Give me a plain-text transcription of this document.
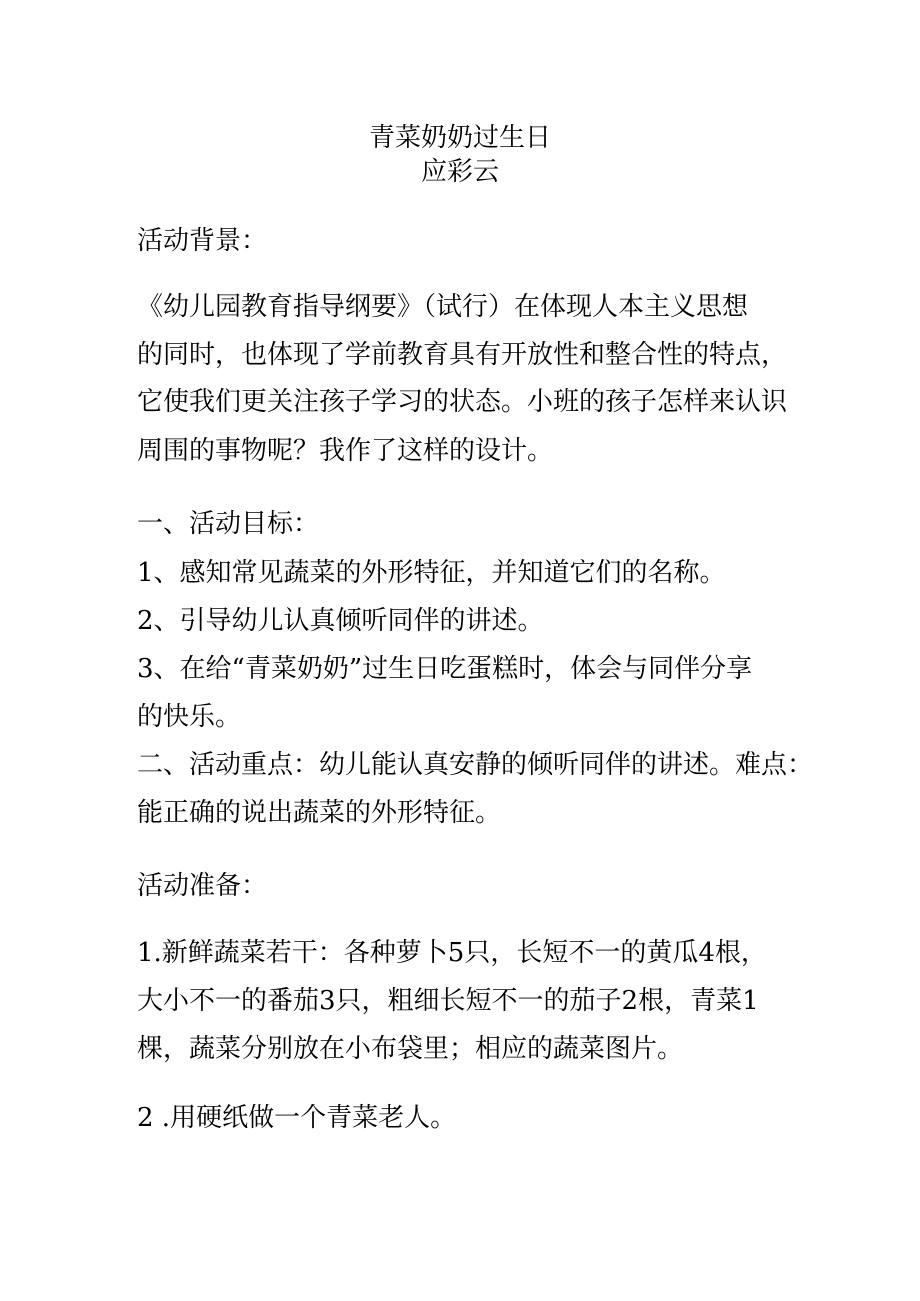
青菜奶奶过生日

应彩云

活动背景：

《幼儿园教育指导纲要》（试行）在体现人本主义思想

的同时，也体现了学前教育具有开放性和整合性的特点，

它使我们更关注孩子学习的状态。小班的孩子怎样来认识

周围的事物呢？我作了这样的设计。

一、活动目标：

1、感知常见蔬菜的外形特征，并知道它们的名称。

2、引导幼儿认真倾听同伴的讲述。

3、在给“青菜奶奶”过生日吃蛋糕时，体会与同伴分享

的快乐。

二、活动重点：幼儿能认真安静的倾听同伴的讲述。难点：

能正确的说出蔬菜的外形特征。

活动准备：

1.新鲜蔬菜若干：各种萝卜5只，长短不一的黄瓜4根，

大小不一的番茄3只，粗细长短不一的茄子2根，青菜1

棵，蔬菜分别放在小布袋里；相应的蔬菜图片。

2 .用硬纸做一个青菜老人。
